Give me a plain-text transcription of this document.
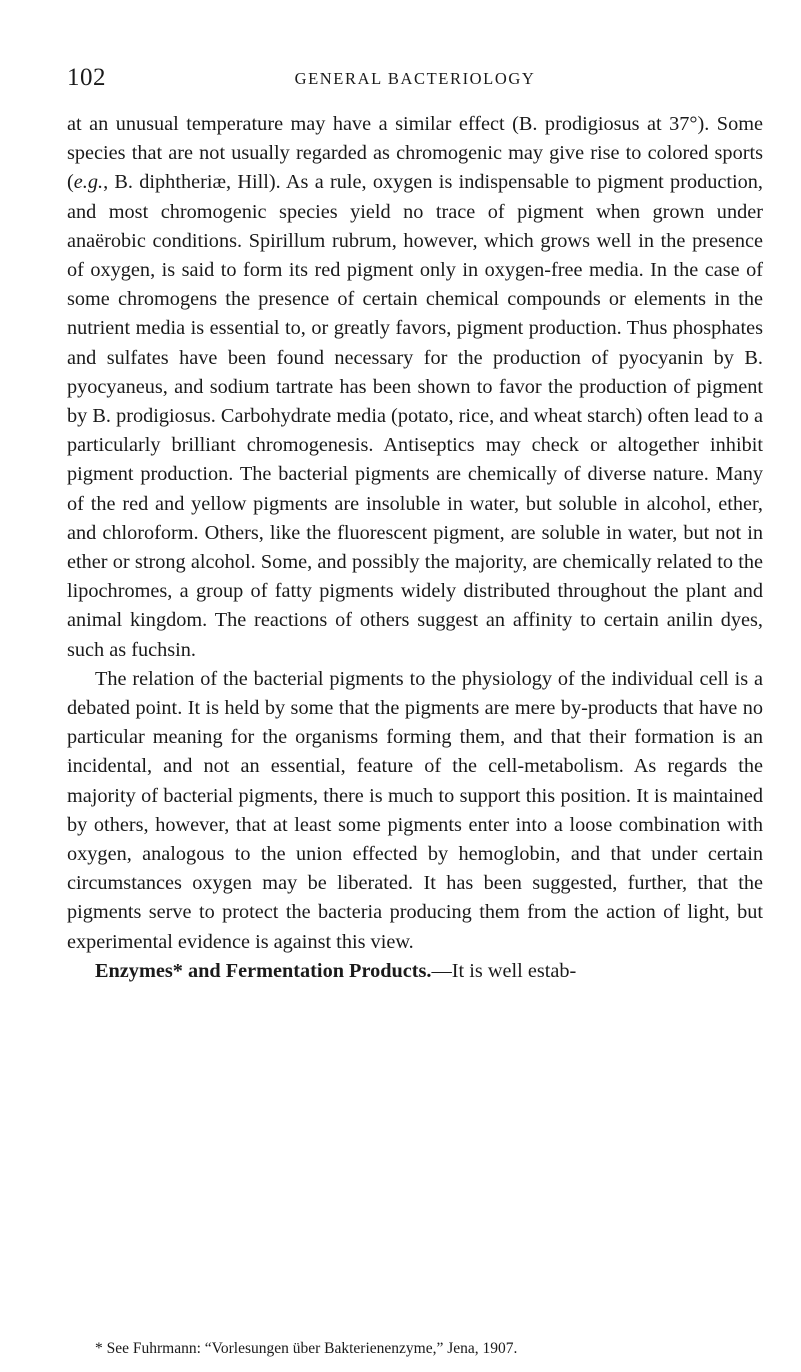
102	GENERAL BACTERIOLOGY

at an unusual temperature may have a similar effect (B. prodigiosus at 37°). Some species that are not usually regarded as chromogenic may give rise to colored sports (e.g., B. diphtheriæ, Hill). As a rule, oxygen is indispensable to pigment production, and most chromogenic species yield no trace of pigment when grown under anaërobic conditions. Spirillum rubrum, however, which grows well in the presence of oxygen, is said to form its red pigment only in oxygen-free media. In the case of some chromogens the presence of certain chemical compounds or elements in the nutrient media is essential to, or greatly favors, pigment production. Thus phosphates and sulfates have been found necessary for the production of pyocyanin by B. pyocyaneus, and sodium tartrate has been shown to favor the production of pigment by B. prodigiosus. Carbohydrate media (potato, rice, and wheat starch) often lead to a particularly brilliant chromogenesis. Antiseptics may check or altogether inhibit pigment production. The bacterial pigments are chemically of diverse nature. Many of the red and yellow pigments are insoluble in water, but soluble in alcohol, ether, and chloroform. Others, like the fluorescent pigment, are soluble in water, but not in ether or strong alcohol. Some, and possibly the majority, are chemically related to the lipochromes, a group of fatty pigments widely distributed throughout the plant and animal kingdom. The reactions of others suggest an affinity to certain anilin dyes, such as fuchsin.

The relation of the bacterial pigments to the physiology of the individual cell is a debated point. It is held by some that the pigments are mere by-products that have no particular meaning for the organisms forming them, and that their formation is an incidental, and not an essential, feature of the cell-metabolism. As regards the majority of bacterial pigments, there is much to support this position. It is maintained by others, however, that at least some pigments enter into a loose combination with oxygen, analogous to the union effected by hemoglobin, and that under certain circumstances oxygen may be liberated. It has been suggested, further, that the pigments serve to protect the bacteria producing them from the action of light, but experimental evidence is against this view.

Enzymes* and Fermentation Products.—It is well estab-

* See Fuhrmann: “Vorlesungen über Bakterienenzyme,” Jena, 1907.
